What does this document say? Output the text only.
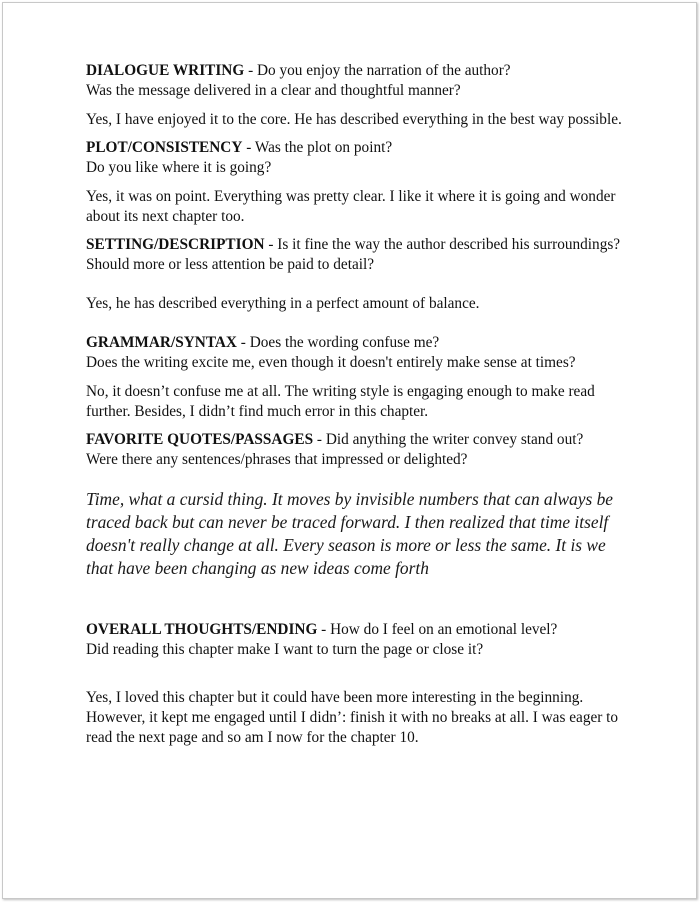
DIALOGUE WRITING - Do you enjoy the narration of the author?
Was the message delivered in a clear and thoughtful manner?

Yes, I have enjoyed it to the core. He has described everything in the best way possible.

PLOT/CONSISTENCY - Was the plot on point?
Do you like where it is going?

Yes, it was on point. Everything was pretty clear. I like it where it is going and wonder about its next chapter too.

SETTING/DESCRIPTION - Is it fine the way the author described his surroundings? Should more or less attention be paid to detail?

Yes, he has described everything in a perfect amount of balance.

GRAMMAR/SYNTAX - Does the wording confuse me?
Does the writing excite me, even though it doesn't entirely make sense at times?

No, it doesn’t confuse me at all. The writing style is engaging enough to make read further. Besides, I didn’t find much error in this chapter.

FAVORITE QUOTES/PASSAGES - Did anything the writer convey stand out?
Were there any sentences/phrases that impressed or delighted?

Time, what a cursid thing. It moves by invisible numbers that can always be traced back but can never be traced forward. I then realized that time itself doesn't really change at all. Every season is more or less the same. It is we that have been changing as new ideas come forth

OVERALL THOUGHTS/ENDING - How do I feel on an emotional level?
Did reading this chapter make I want to turn the page or close it?

Yes, I loved this chapter but it could have been more interesting in the beginning. However, it kept me engaged until I didn’: finish it with no breaks at all. I was eager to read the next page and so am I now for the chapter 10.
